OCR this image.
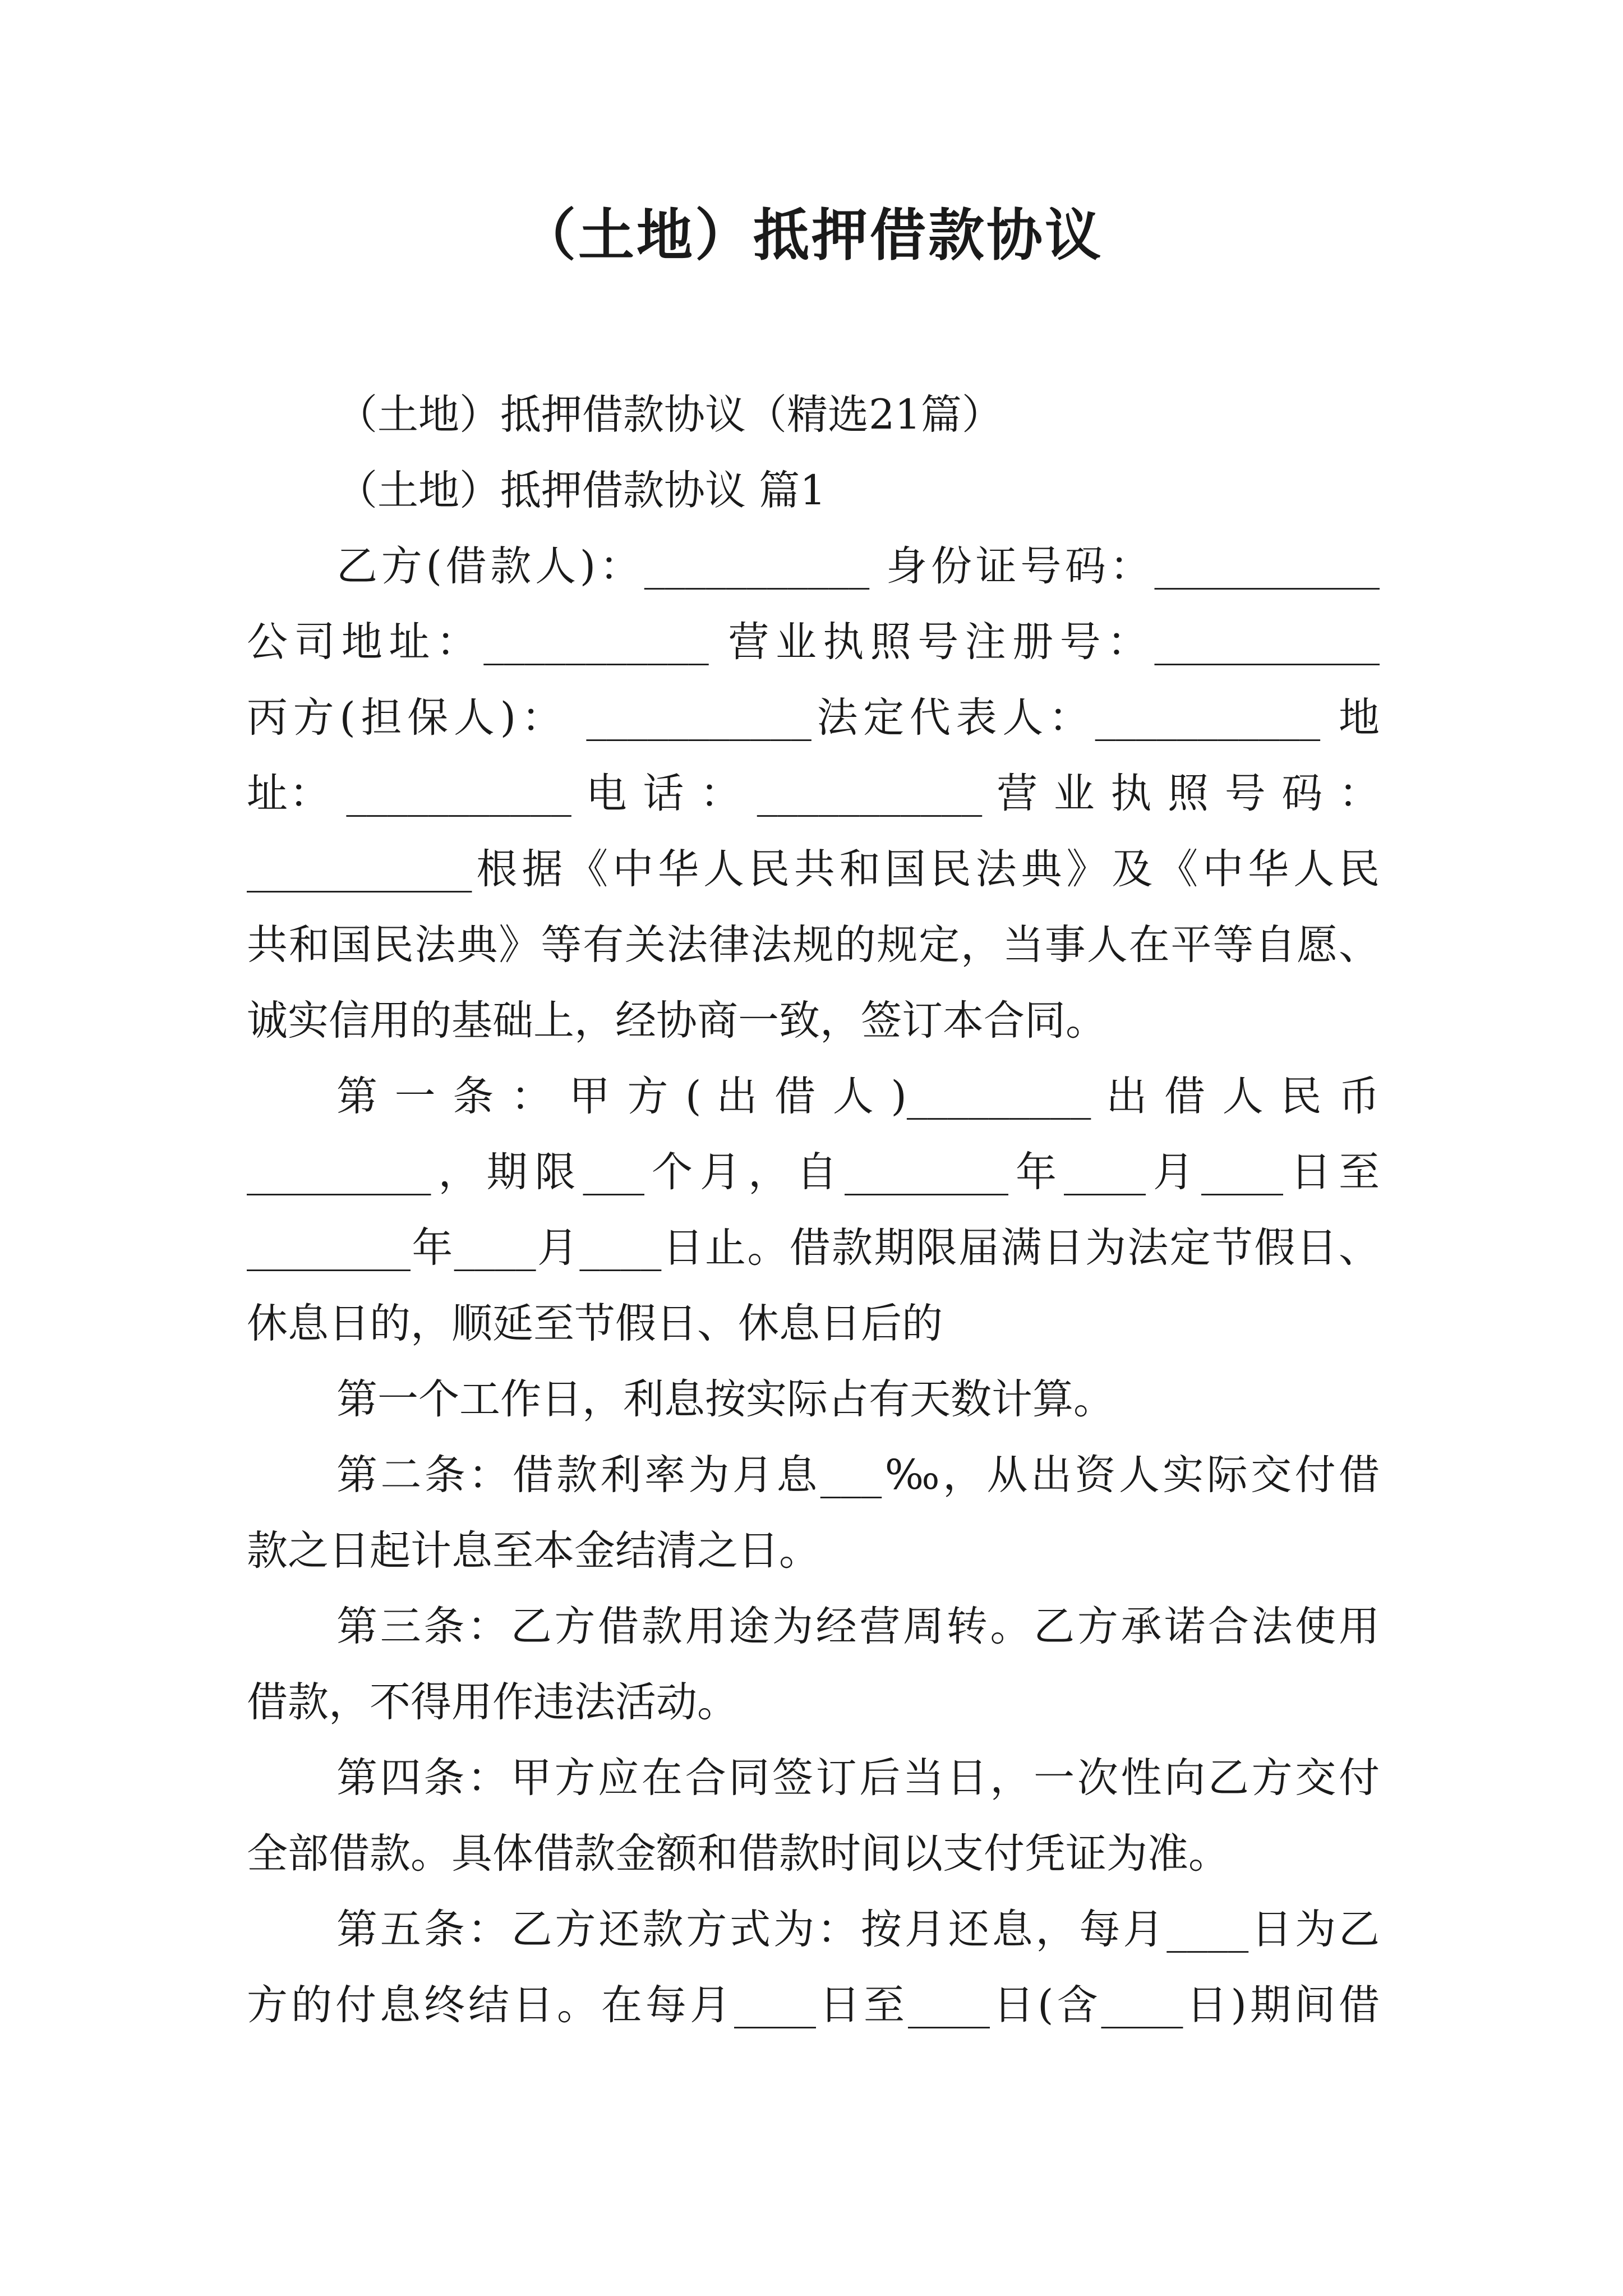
（土地）抵押借款协议
（土地）抵押借款协议（精选21篇）
（土地）抵押借款协议 篇1
乙方(借款人)：___________ 身份证号码：___________
公司地址：___________ 营业执照号注册号：___________
丙方(担保人)： ___________法定代表人：___________ 地
址： ___________ 电 话 ： ___________ 营 业 执 照 号 码 ：
___________根据《中华人民共和国民法典》及《中华人民
共和国民法典》等有关法律法规的规定，当事人在平等自愿、
诚实信用的基础上，经协商一致，签订本合同。
第 一 条 ： 甲 方 ( 出 借 人 )_________ 出 借 人 民 币
_________，期限___个月，自________年____月____日至
________年____月____日止。借款期限届满日为法定节假日、
休息日的，顺延至节假日、休息日后的
第一个工作日，利息按实际占有天数计算。
第二条：借款利率为月息___‰，从出资人实际交付借
款之日起计息至本金结清之日。
第三条：乙方借款用途为经营周转。乙方承诺合法使用
借款，不得用作违法活动。
第四条：甲方应在合同签订后当日，一次性向乙方交付
全部借款。具体借款金额和借款时间以支付凭证为准。
第五条：乙方还款方式为：按月还息，每月____日为乙
方的付息终结日。在每月____日至____日(含____日)期间借
